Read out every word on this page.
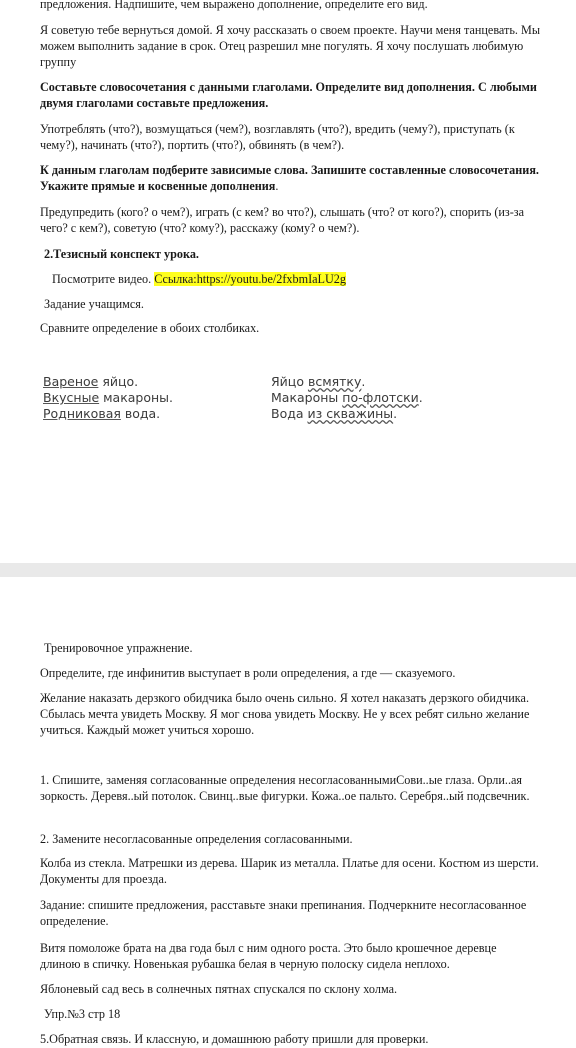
предложения. Надпишите, чем выражено дополнение, определите его вид.

Я советую тебе вернуться домой. Я хочу рассказать о своем проекте. Научи меня танцевать. Мы можем выполнить задание в срок. Отец разрешил мне погулять. Я хочу послушать любимую группу

Составьте словосочетания с данными глаголами. Определите вид дополнения. С любыми двумя глаголами составьте предложения.

Употреблять (что?), возмущаться (чем?), возглавлять (что?), вредить (чему?), приступать (к чему?), начинать (что?), портить (что?), обвинять (в чем?).

К данным глаголам подберите зависимые слова. Запишите составленные словосочетания. Укажите прямые и косвенные дополнения.

Предупредить (кого? о чем?), играть (с кем? во что?), слышать (что? от кого?), спорить (из-за чего? с кем?), советую (что? кому?), расскажу (кому? о чем?).

2.Тезисный конспект урока.

Посмотрите видео. Ссылка:https://youtu.be/2fxbmIaLU2g

Задание учащимся.

Сравните определение в обоих столбиках.

Вареное яйцо.
Вкусные макароны.
Родниковая вода.
Яйцо всмятку.
Макароны по-флотски.
Вода из скважины.

Тренировочное упражнение.

Определите, где инфинитив выступает в роли определения, а где — сказуемого.

Желание наказать дерзкого обидчика было очень сильно. Я хотел наказать дерзкого обидчика. Сбылась мечта увидеть Москву. Я мог снова увидеть Москву. Не у всех ребят сильно желание учиться. Каждый может учиться хорошо.

1. Спишите, заменяя согласованные определения несогласованнымиСови..ые глаза. Орли..ая зоркость. Деревя..ый потолок. Свинц..вые фигурки. Кожа..ое пальто. Серебря..ый подсвечник.

2. Замените несогласованные определения согласованными.

Колба из стекла. Матрешки из дерева. Шарик из металла. Платье для осени. Костюм из шерсти. Документы для проезда.

Задание: спишите предложения, расставьте знаки препинания. Подчеркните несогласованное определение.

Витя помоложе брата на два года был с ним одного роста. Это было крошечное деревце длиною в спичку. Новенькая рубашка белая в черную полоску сидела неплохо.

Яблоневый сад весь в солнечных пятнах спускался по склону холма.

Упр.№3 стр 18

5.Обратная связь. И классную, и домашнюю работу пришли для проверки.
